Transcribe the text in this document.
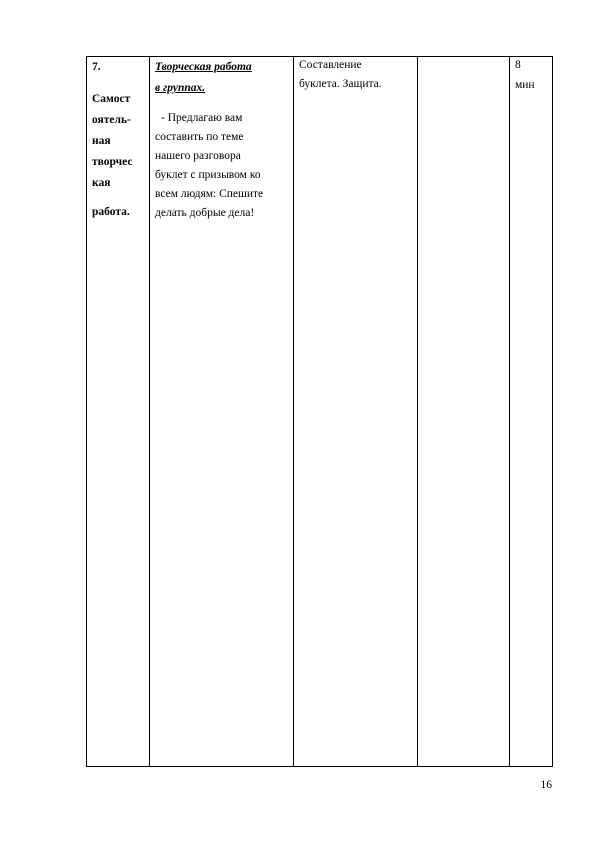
7.
Самост
оятель-
ная
творчес
кая
работа.
Творческая работа
в группах.
- Предлагаю вам
составить по теме
нашего разговора
буклет с призывом ко
всем людям: Спешите
делать добрые дела!
Составление
буклета. Защита.
8
мин
16
